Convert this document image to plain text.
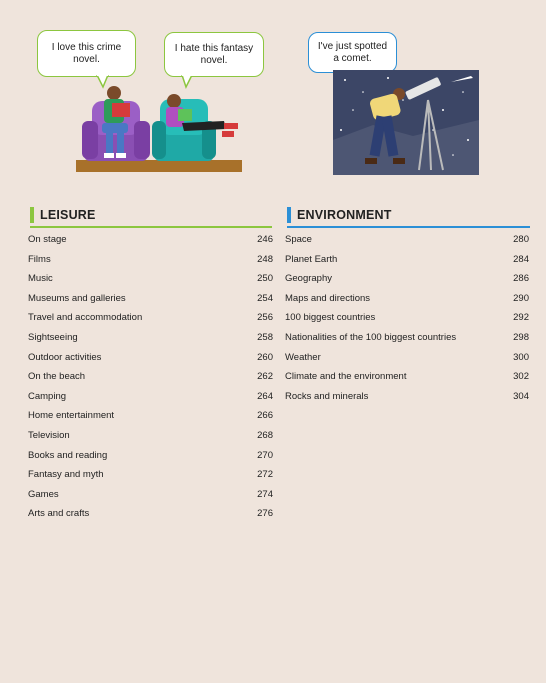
I love this crime novel.
I hate this fantasy novel.
I've just spotted a comet.
LEISURE	ENVIRONMENT
On stage	246
Films	248
Music	250
Museums and galleries	254
Travel and accommodation	256
Sightseeing	258
Outdoor activities	260
On the beach	262
Camping	264
Home entertainment	266
Television	268
Books and reading	270
Fantasy and myth	272
Games	274
Arts and crafts	276
Space	280
Planet Earth	284
Geography	286
Maps and directions	290
100 biggest countries	292
Nationalities of the 100 biggest countries	298
Weather	300
Climate and the environment	302
Rocks and minerals	304
